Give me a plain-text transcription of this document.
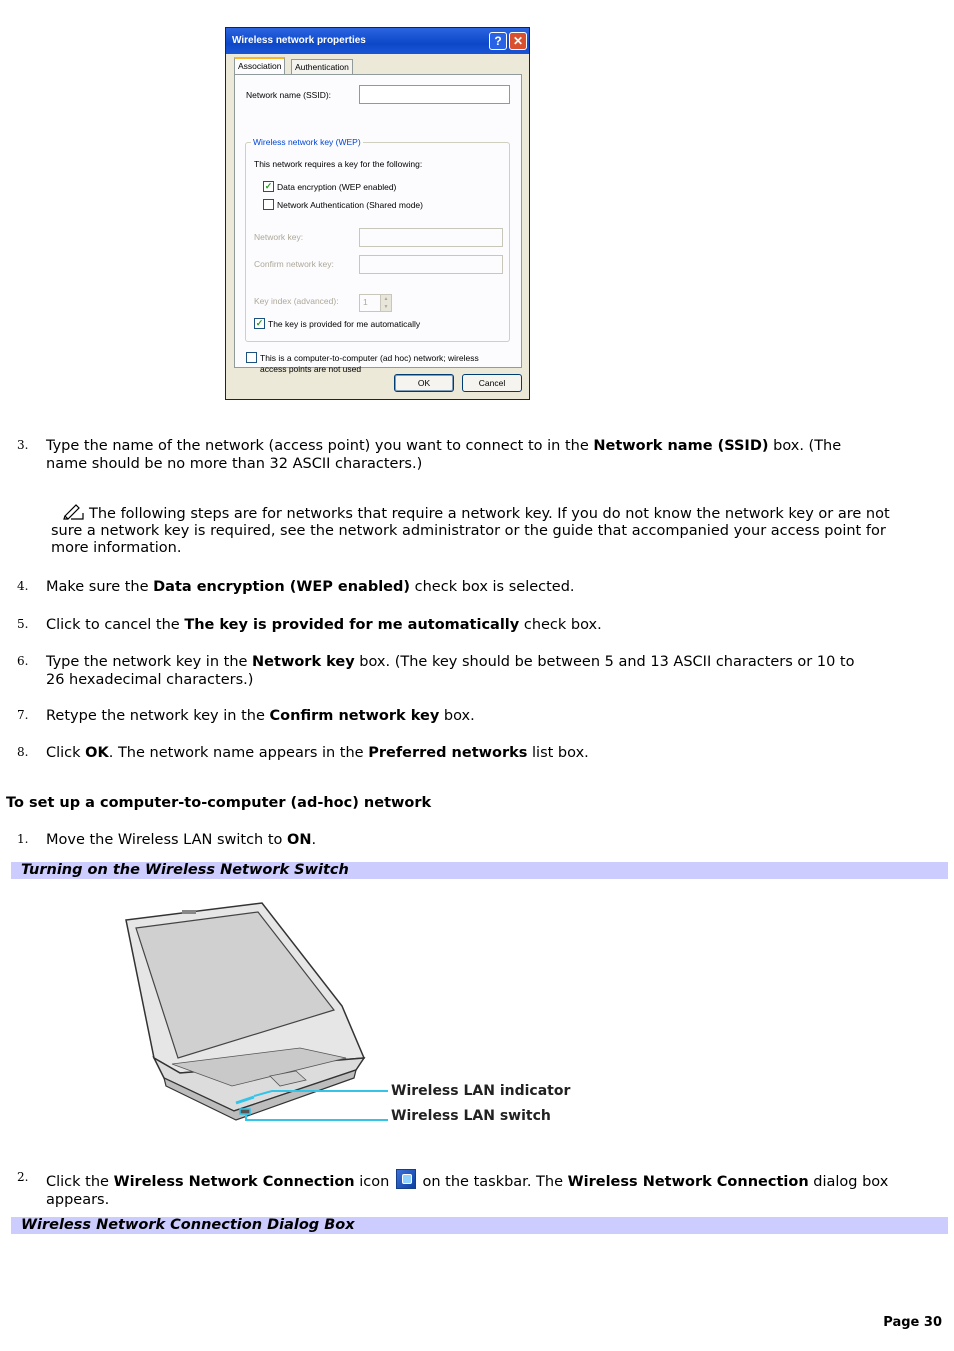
Wireless network properties	? ✕
Association	Authentication
Network name (SSID):
Wireless network key (WEP)
This network requires a key for the following:
✓ Data encryption (WEP enabled)
Network Authentication (Shared mode)
Network key:
Confirm network key:
Key index (advanced):	1	▲
▼
✓ The key is provided for me automatically
This is a computer-to-computer (ad hoc) network; wireless
access points are not used
OK	Cancel
3. Type the name of the network (access point) you want to connect to in the Network name (SSID) box. (The
name should be no more than 32 ASCII characters.)
The following steps are for networks that require a network key. If you do not know the network key or are not
sure a network key is required, see the network administrator or the guide that accompanied your access point for
more information.
4. Make sure the Data encryption (WEP enabled) check box is selected.
5. Click to cancel the The key is provided for me automatically check box.
6. Type the network key in the Network key box. (The key should be between 5 and 13 ASCII characters or 10 to
26 hexadecimal characters.)
7. Retype the network key in the Confirm network key box.
8. Click OK. The network name appears in the Preferred networks list box.
To set up a computer-to-computer (ad-hoc) network
1. Move the Wireless LAN switch to ON.
Turning on the Wireless Network Switch
Wireless LAN indicator
Wireless LAN switch
2. Click the Wireless Network Connection icon  on the taskbar. The Wireless Network Connection dialog box
appears.
Wireless Network Connection Dialog Box
Page 30
